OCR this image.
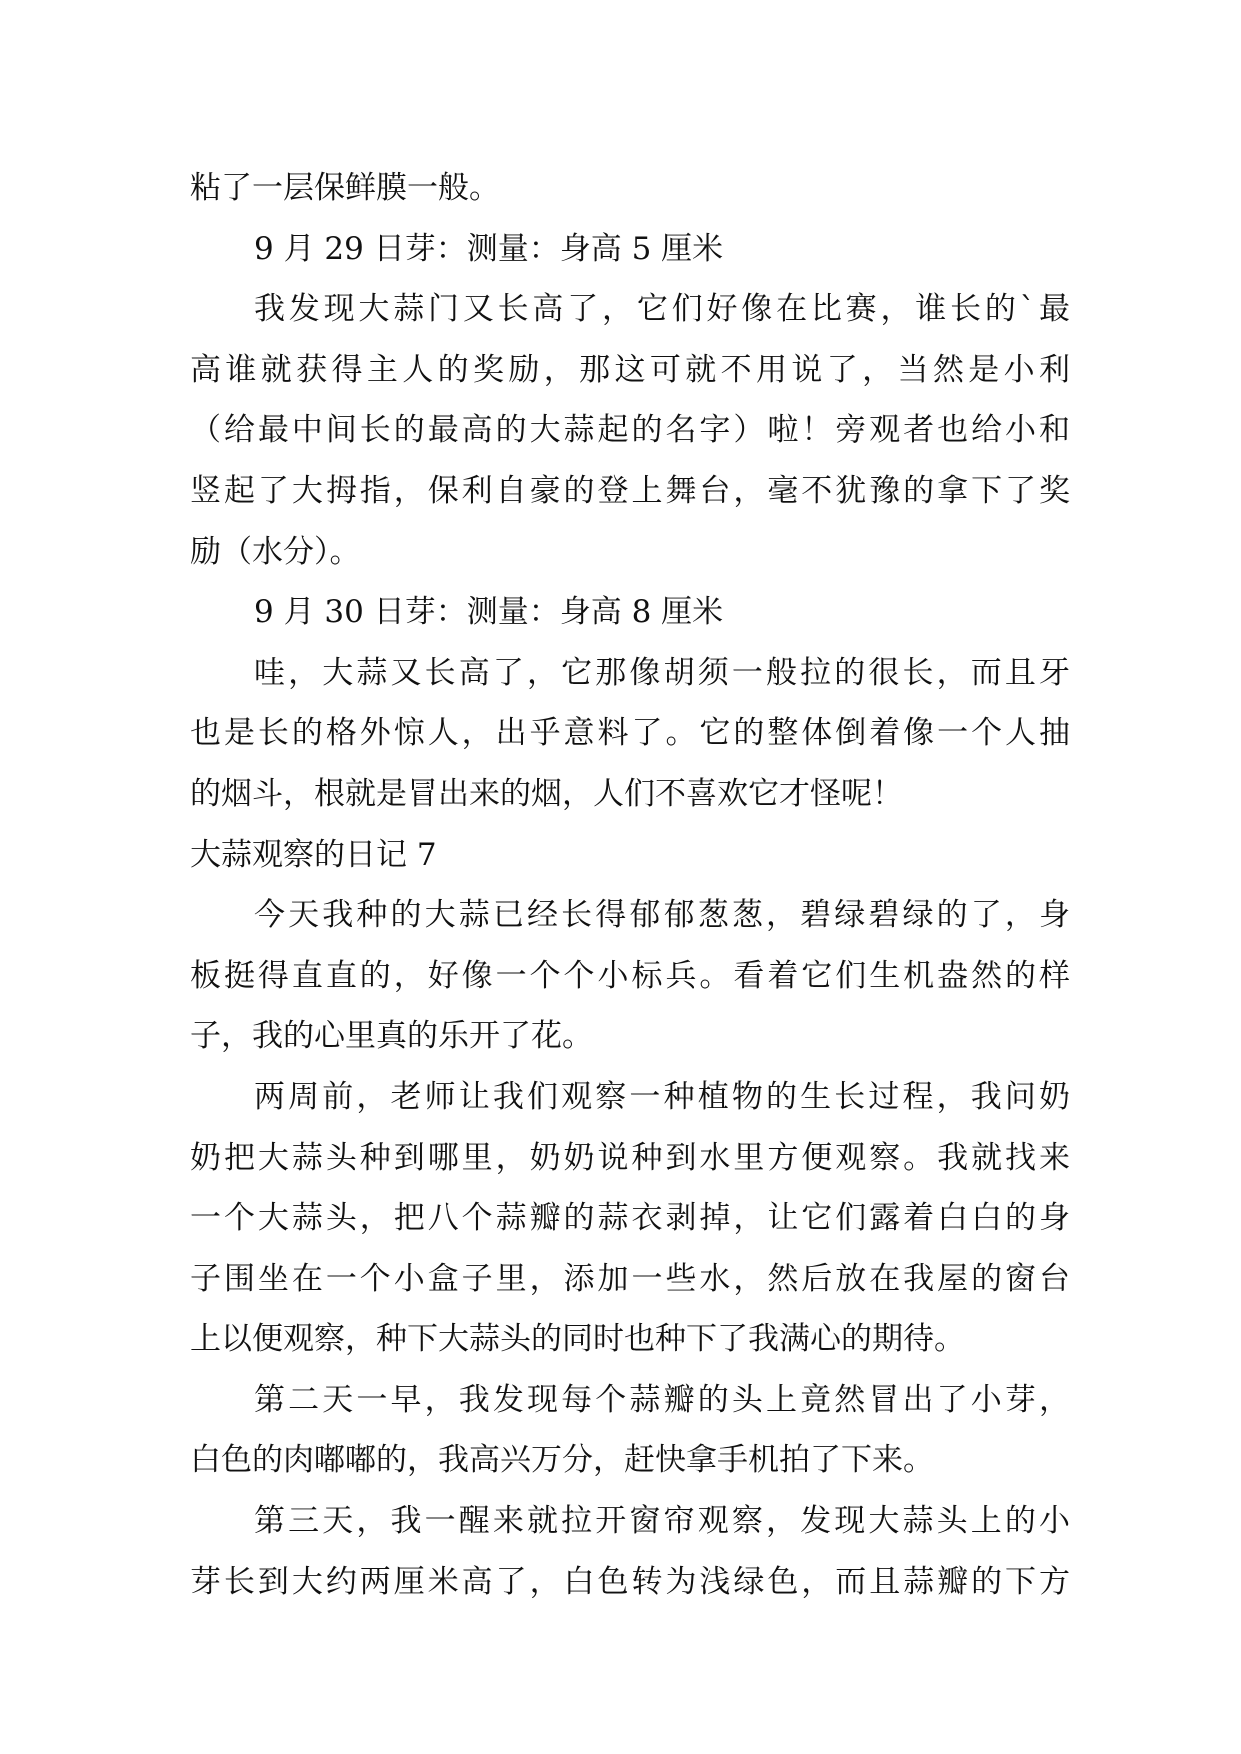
粘了一层保鲜膜一般。
9 月 29 日芽：测量：身高 5 厘米
我发现大蒜门又长高了，它们好像在比赛，谁长的`最
高谁就获得主人的奖励，那这可就不用说了，当然是小利
（给最中间长的最高的大蒜起的名字）啦！旁观者也给小和
竖起了大拇指，保利自豪的登上舞台，毫不犹豫的拿下了奖
励（水分）。
9 月 30 日芽：测量：身高 8 厘米
哇，大蒜又长高了，它那像胡须一般拉的很长，而且牙
也是长的格外惊人，出乎意料了。它的整体倒着像一个人抽
的烟斗，根就是冒出来的烟，人们不喜欢它才怪呢！
大蒜观察的日记 7
今天我种的大蒜已经长得郁郁葱葱，碧绿碧绿的了，身
板挺得直直的，好像一个个小标兵。看着它们生机盎然的样
子，我的心里真的乐开了花。
两周前，老师让我们观察一种植物的生长过程，我问奶
奶把大蒜头种到哪里，奶奶说种到水里方便观察。我就找来
一个大蒜头，把八个蒜瓣的蒜衣剥掉，让它们露着白白的身
子围坐在一个小盒子里，添加一些水，然后放在我屋的窗台
上以便观察，种下大蒜头的同时也种下了我满心的期待。
第二天一早，我发现每个蒜瓣的头上竟然冒出了小芽，
白色的肉嘟嘟的，我高兴万分，赶快拿手机拍了下来。
第三天，我一醒来就拉开窗帘观察，发现大蒜头上的小
芽长到大约两厘米高了，白色转为浅绿色，而且蒜瓣的下方
